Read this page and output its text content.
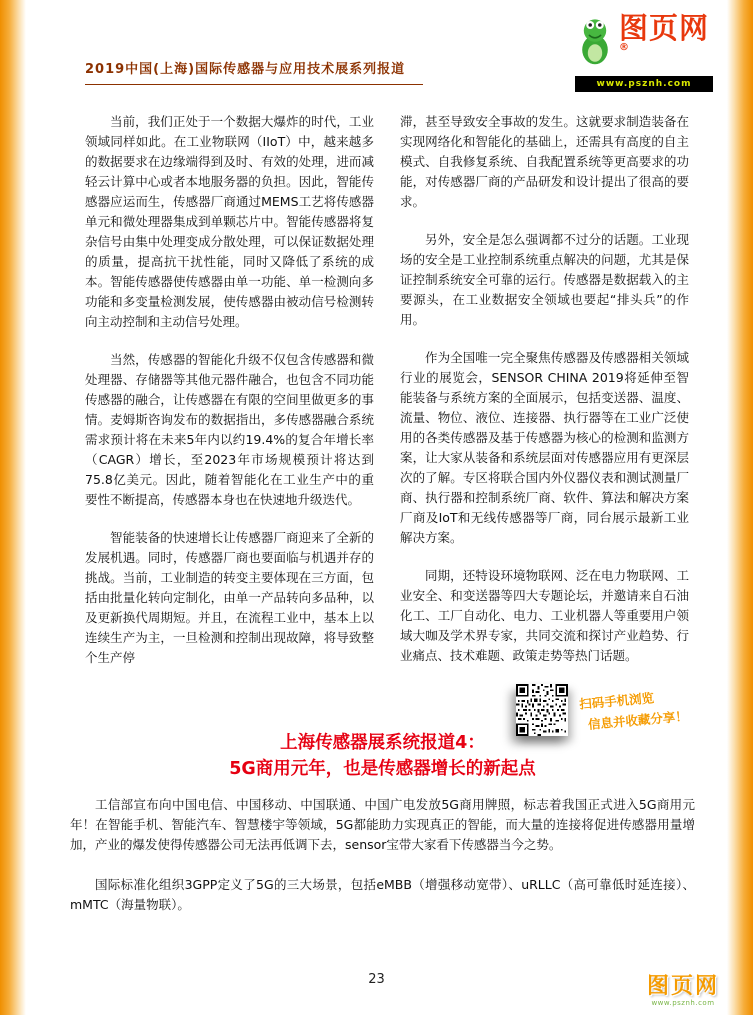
2019中国(上海)国际传感器与应用技术展系列报道
图页网®
www.psznh.com

当前，我们正处于一个数据大爆炸的时代，工业领域同样如此。在工业物联网（IIoT）中，越来越多的数据要求在边缘端得到及时、有效的处理，进而减轻云计算中心或者本地服务器的负担。因此，智能传感器应运而生，传感器厂商通过MEMS工艺将传感器单元和微处理器集成到单颗芯片中。智能传感器将复杂信号由集中处理变成分散处理，可以保证数据处理的质量，提高抗干扰性能，同时又降低了系统的成本。智能传感器使传感器由单一功能、单一检测向多功能和多变量检测发展，使传感器由被动信号检测转向主动控制和主动信号处理。

当然，传感器的智能化升级不仅包含传感器和微处理器、存储器等其他元器件融合，也包含不同功能传感器的融合，让传感器在有限的空间里做更多的事情。麦姆斯咨询发布的数据指出，多传感器融合系统需求预计将在未来5年内以约19.4%的复合年增长率（CAGR）增长，至2023年市场规模预计将达到75.8亿美元。因此，随着智能化在工业生产中的重要性不断提高，传感器本身也在快速地升级迭代。

智能装备的快速增长让传感器厂商迎来了全新的发展机遇。同时，传感器厂商也要面临与机遇并存的挑战。当前，工业制造的转变主要体现在三方面，包括由批量化转向定制化，由单一产品转向多品种，以及更新换代周期短。并且，在流程工业中，基本上以连续生产为主，一旦检测和控制出现故障，将导致整个生产停

滞，甚至导致安全事故的发生。这就要求制造装备在实现网络化和智能化的基础上，还需具有高度的自主模式、自我修复系统、自我配置系统等更高要求的功能，对传感器厂商的产品研发和设计提出了很高的要求。

另外，安全是怎么强调都不过分的话题。工业现场的安全是工业控制系统重点解决的问题，尤其是保证控制系统安全可靠的运行。传感器是数据载入的主要源头，在工业数据安全领域也要起“排头兵”的作用。

作为全国唯一完全聚焦传感器及传感器相关领域行业的展览会，SENSOR CHINA 2019将延伸至智能装备与系统方案的全面展示，包括变送器、温度、流量、物位、液位、连接器、执行器等在工业广泛使用的各类传感器及基于传感器为核心的检测和监测方案，让大家从装备和系统层面对传感器应用有更深层次的了解。专区将联合国内外仪器仪表和测试测量厂商、执行器和控制系统厂商、软件、算法和解决方案厂商及IoT和无线传感器等厂商，同台展示最新工业解决方案。

同期，还特设环境物联网、泛在电力物联网、工业安全、和变送器等四大专题论坛，并邀请来自石油化工、工厂自动化、电力、工业机器人等重要用户领域大咖及学术界专家，共同交流和探讨产业趋势、行业痛点、技术难题、政策走势等热门话题。

扫码手机浏览
信息并收藏分享！
上海传感器展系统报道4：
5G商用元年，也是传感器增长的新起点

工信部宣布向中国电信、中国移动、中国联通、中国广电发放5G商用牌照，标志着我国正式进入5G商用元年！在智能手机、智能汽车、智慧楼宇等领域，5G都能助力实现真正的智能，而大量的连接将促进传感器用量增加，产业的爆发使得传感器公司无法再低调下去，sensor宝带大家看下传感器当今之势。

国际标准化组织3GPP定义了5G的三大场景，包括eMBB（增强移动宽带）、uRLLC（高可靠低时延连接）、mMTC（海量物联）。

23	图页网
www.psznh.com
